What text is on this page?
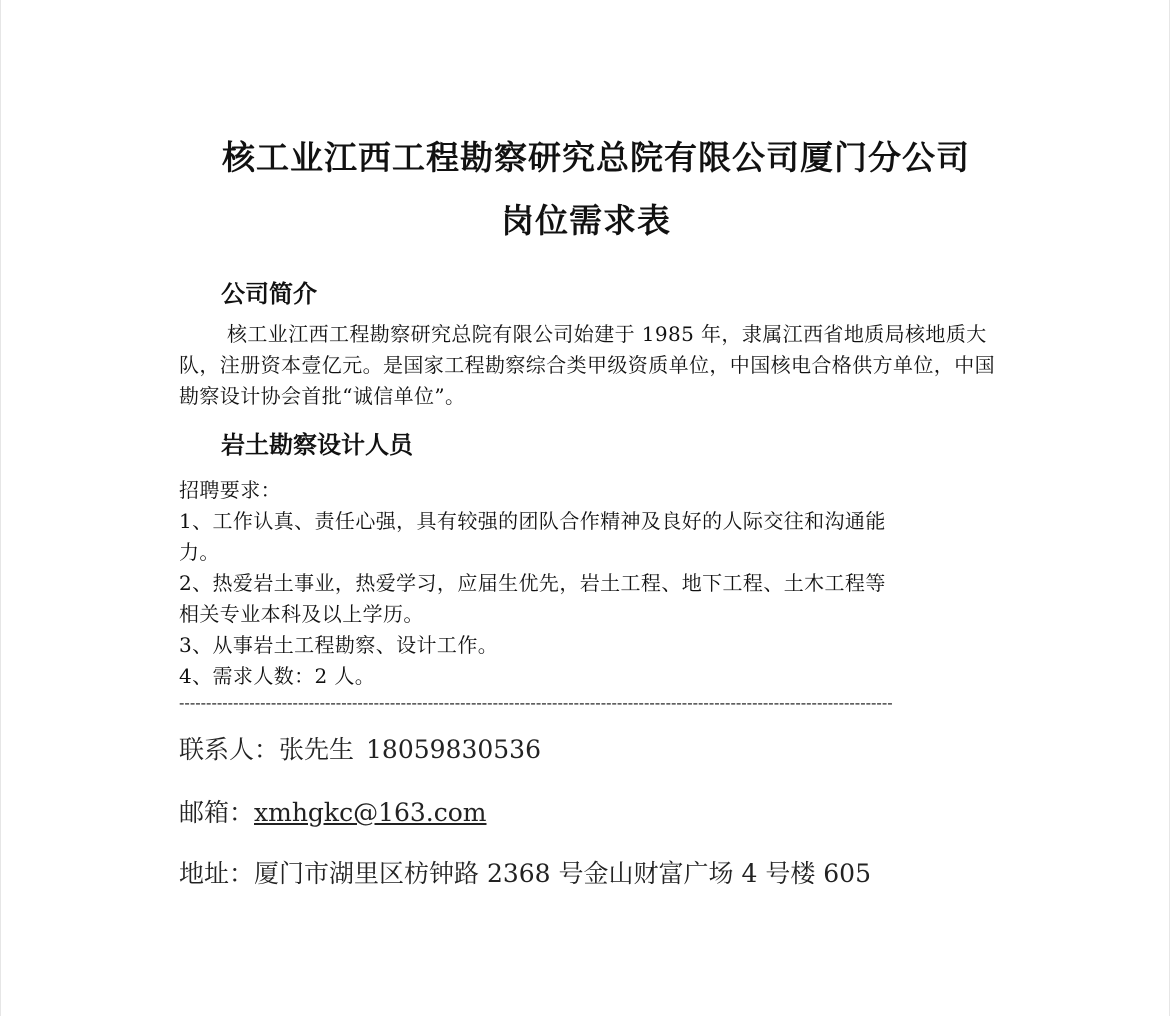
核工业江西工程勘察研究总院有限公司厦门分公司
岗位需求表
公司简介

核工业江西工程勘察研究总院有限公司始建于 1985 年，隶属江西省地质局核地质大队，注册资本壹亿元。是国家工程勘察综合类甲级资质单位，中国核电合格供方单位，中国勘察设计协会首批“诚信单位”。

岩土勘察设计人员

招聘要求：

1、工作认真、责任心强，具有较强的团队合作精神及良好的人际交往和沟通能

力。

2、热爱岩土事业，热爱学习，应届生优先，岩土工程、地下工程、土木工程等

相关专业本科及以上学历。

3、从事岩土工程勘察、设计工作。

4、需求人数：2 人。

------------------------------------------------------------------------------------------------------------------------------------

联系人：张先生 18059830536

邮箱：xmhgkc@163.com

地址：厦门市湖里区枋钟路 2368 号金山财富广场 4 号楼 605
